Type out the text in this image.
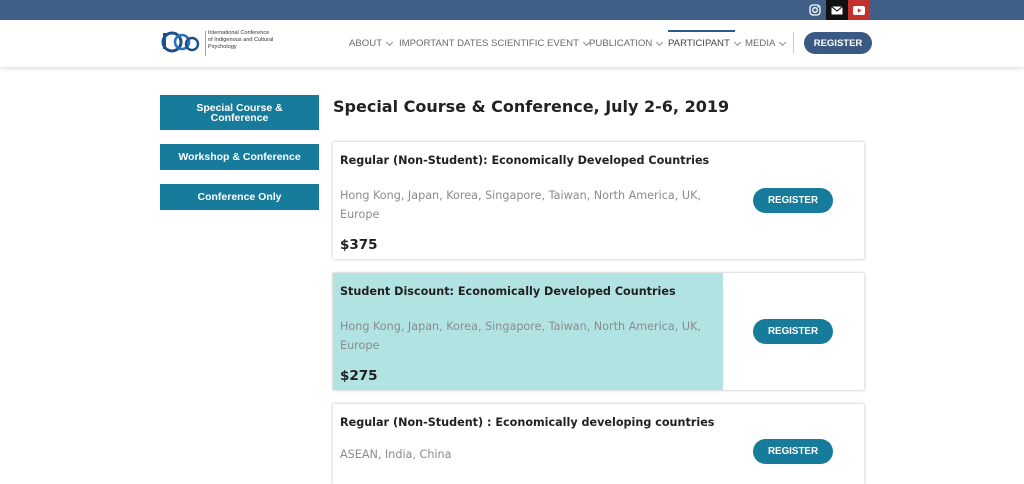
International Conference
of Indigenous and Cultural
Psychology	ABOUT IMPORTANT DATES SCIENTIFIC EVENT PUBLICATION PARTICIPANT MEDIA	REGISTER
Special Course & Conference
Workshop & Conference
Conference Only
Special Course & Conference, July 2-6, 2019
Regular (Non-Student): Economically Developed Countries
Hong Kong, Japan, Korea, Singapore, Taiwan, North America, UK, Europe
$375
REGISTER
Student Discount: Economically Developed Countries
Hong Kong, Japan, Korea, Singapore, Taiwan, North America, UK, Europe
$275
REGISTER
Regular (Non-Student) : Economically developing countries
ASEAN, India, China	REGISTER
